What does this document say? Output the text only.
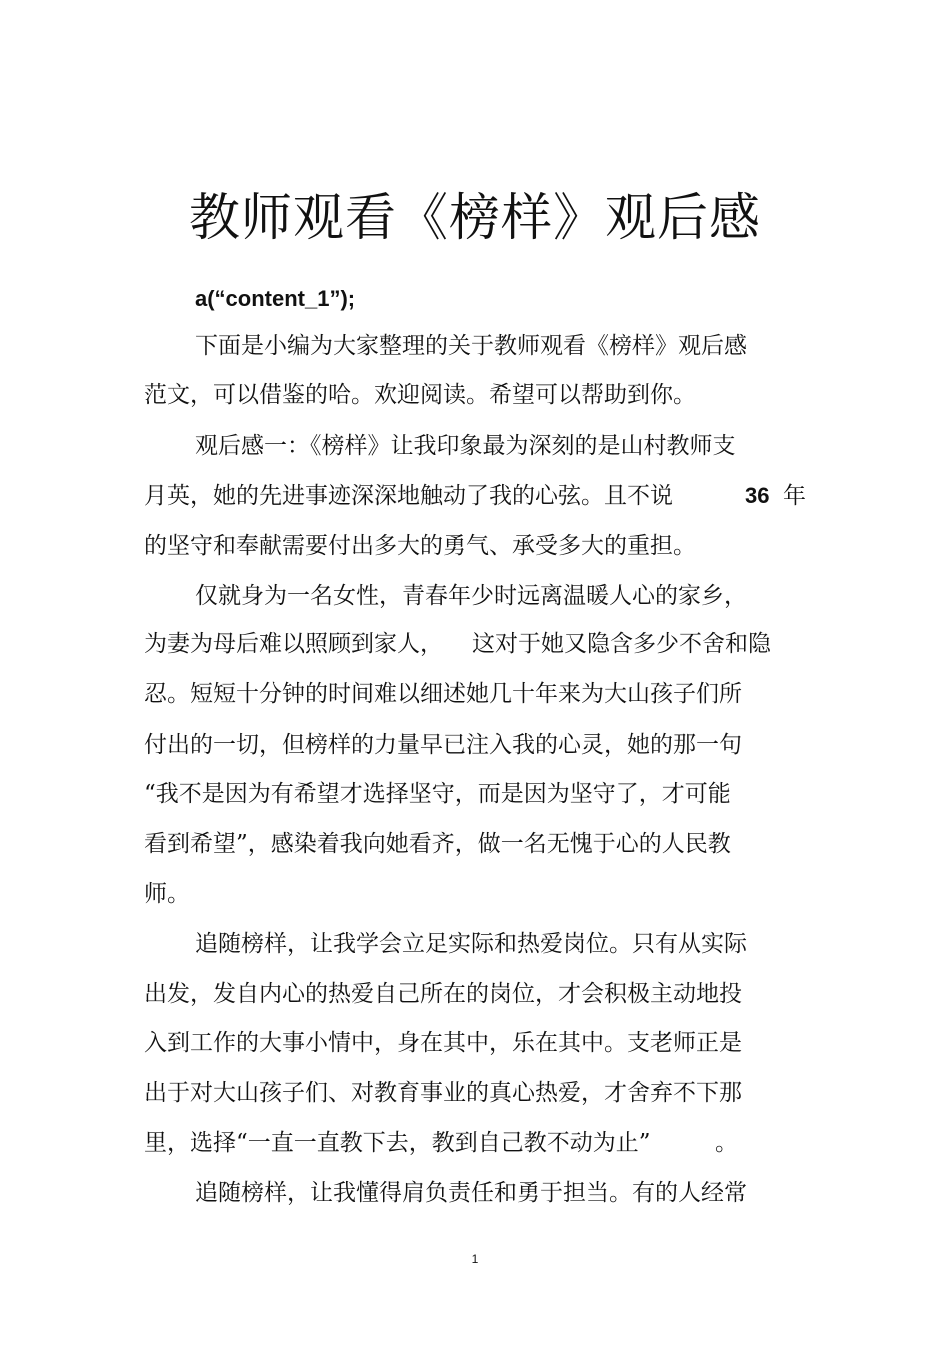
教师观看《榜样》观后感
a(“content_1”);
下面是小编为大家整理的关于教师观看《榜样》观后感
范文，可以借鉴的哈。欢迎阅读。希望可以帮助到你。
观后感一：《榜样》让我印象最为深刻的是山村教师支
月英，她的先进事迹深深地触动了我的心弦。且不说	36 年
的坚守和奉献需要付出多大的勇气、承受多大的重担。
仅就身为一名女性，青春年少时远离温暖人心的家乡，
为妻为母后难以照顾到家人， 这对于她又隐含多少不舍和隐
忍。短短十分钟的时间难以细述她几十年来为大山孩子们所
付出的一切，但榜样的力量早已注入我的心灵，她的那一句
“我不是因为有希望才选择坚守，而是因为坚守了，才可能
看到希望”，感染着我向她看齐，做一名无愧于心的人民教
师。
追随榜样，让我学会立足实际和热爱岗位。只有从实际
出发，发自内心的热爱自己所在的岗位，才会积极主动地投
入到工作的大事小情中，身在其中，乐在其中。支老师正是
出于对大山孩子们、对教育事业的真心热爱，才舍弃不下那
里，选择“一直一直教下去，教到自己教不动为止”	。
追随榜样，让我懂得肩负责任和勇于担当。有的人经常
1
